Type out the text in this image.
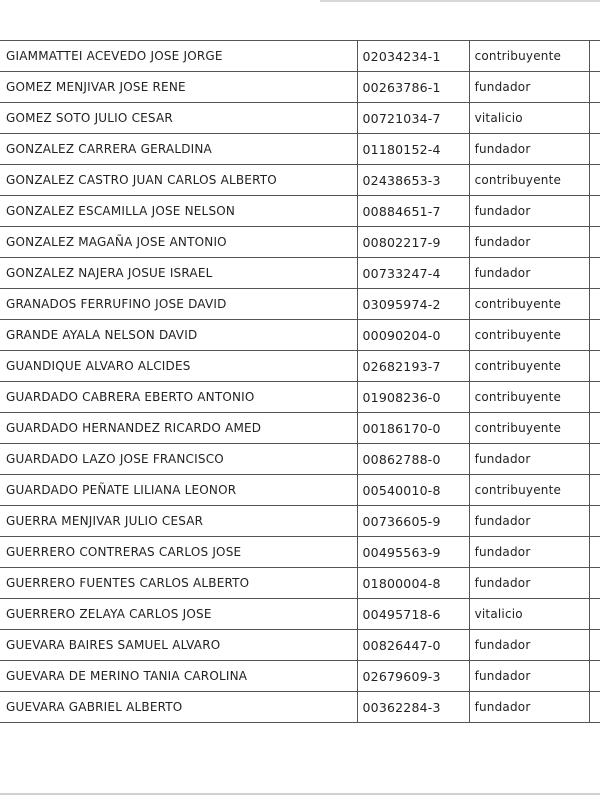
GIAMMATTEI ACEVEDO JOSE JORGE	02034234-1	contribuyente	
GOMEZ MENJIVAR JOSE RENE	00263786-1	fundador	
GOMEZ SOTO JULIO CESAR	00721034-7	vitalicio	
GONZALEZ CARRERA GERALDINA	01180152-4	fundador	
GONZALEZ CASTRO JUAN CARLOS ALBERTO	02438653-3	contribuyente	
GONZALEZ ESCAMILLA JOSE NELSON	00884651-7	fundador	
GONZALEZ MAGAÑA JOSE ANTONIO	00802217-9	fundador	
GONZALEZ NAJERA JOSUE ISRAEL	00733247-4	fundador	
GRANADOS FERRUFINO JOSE DAVID	03095974-2	contribuyente	
GRANDE AYALA NELSON DAVID	00090204-0	contribuyente	
GUANDIQUE ALVARO ALCIDES	02682193-7	contribuyente	
GUARDADO CABRERA EBERTO ANTONIO	01908236-0	contribuyente	
GUARDADO HERNANDEZ RICARDO AMED	00186170-0	contribuyente	
GUARDADO LAZO JOSE FRANCISCO	00862788-0	fundador	
GUARDADO PEÑATE LILIANA LEONOR	00540010-8	contribuyente	
GUERRA MENJIVAR JULIO CESAR	00736605-9	fundador	
GUERRERO CONTRERAS CARLOS JOSE	00495563-9	fundador	
GUERRERO FUENTES CARLOS ALBERTO	01800004-8	fundador	
GUERRERO ZELAYA CARLOS JOSE	00495718-6	vitalicio	
GUEVARA BAIRES SAMUEL ALVARO	00826447-0	fundador	
GUEVARA DE MERINO TANIA CAROLINA	02679609-3	fundador	
GUEVARA GABRIEL ALBERTO	00362284-3	fundador	
